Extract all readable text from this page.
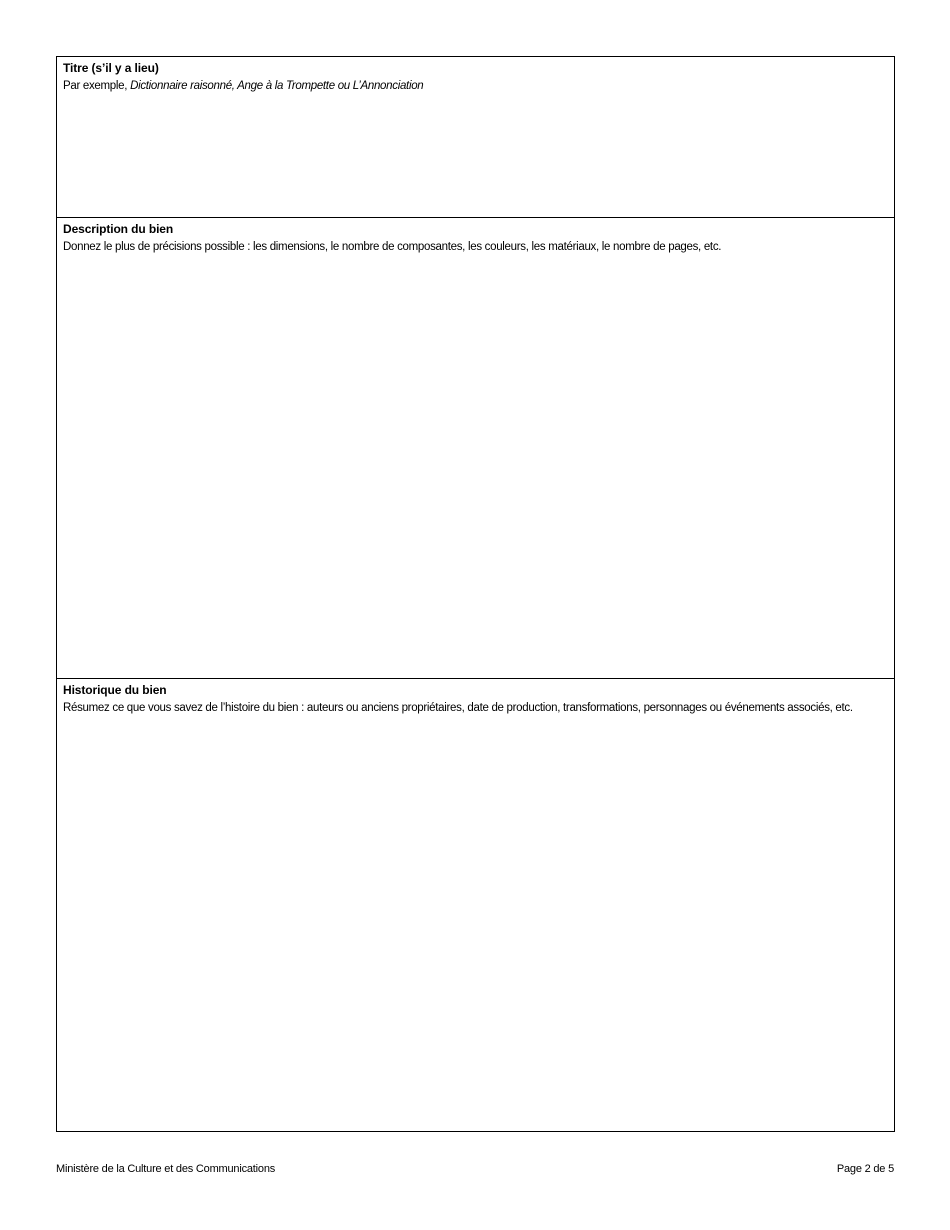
Titre (s’il y a lieu)
Par exemple, Dictionnaire raisonné, Ange à la Trompette ou L’Annonciation
Description du bien
Donnez le plus de précisions possible : les dimensions, le nombre de composantes, les couleurs, les matériaux, le nombre de pages, etc.
Historique du bien
Résumez ce que vous savez de l’histoire du bien : auteurs ou anciens propriétaires, date de production, transformations, personnages ou événements associés, etc.
Ministère de la Culture et des Communications	Page 2 de 5
